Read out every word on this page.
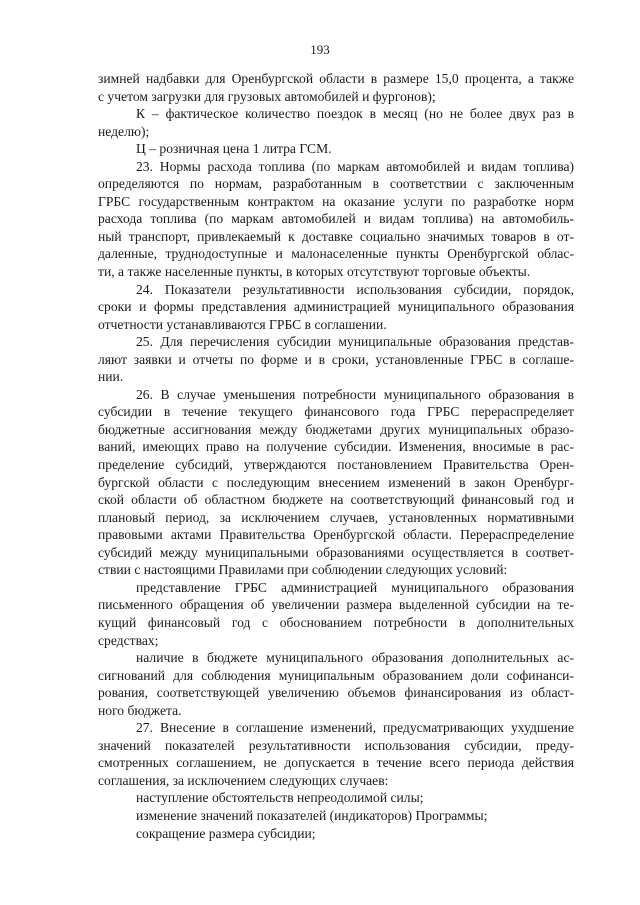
193
зимней надбавки для Оренбургской области в размере 15,0 процента, а также
с учетом загрузки для грузовых автомобилей и фургонов);
К – фактическое количество поездок в месяц (но не более двух раз в
неделю);
Ц – розничная цена 1 литра ГСМ.
23. Нормы расхода топлива (по маркам автомобилей и видам топлива)
определяются по нормам, разработанным в соответствии с заключенным
ГРБС государственным контрактом на оказание услуги по разработке норм
расхода топлива (по маркам автомобилей и видам топлива) на автомобиль-
ный транспорт, привлекаемый к доставке социально значимых товаров в от-
даленные, труднодоступные и малонаселенные пункты Оренбургской облас-
ти, а также населенные пункты, в которых отсутствуют торговые объекты.
24. Показатели результативности использования субсидии, порядок,
сроки и формы представления администрацией муниципального образования
отчетности устанавливаются ГРБС в соглашении.
25. Для перечисления субсидии муниципальные образования представ-
ляют заявки и отчеты по форме и в сроки, установленные ГРБС в соглаше-
нии.
26. В случае уменьшения потребности муниципального образования в
субсидии в течение текущего финансового года ГРБС перераспределяет
бюджетные ассигнования между бюджетами других муниципальных образо-
ваний, имеющих право на получение субсидии. Изменения, вносимые в рас-
пределение субсидий, утверждаются постановлением Правительства Орен-
бургской области с последующим внесением изменений в закон Оренбург-
ской области об областном бюджете на соответствующий финансовый год и
плановый период, за исключением случаев, установленных нормативными
правовыми актами Правительства Оренбургской области. Перераспределение
субсидий между муниципальными образованиями осуществляется в соответ-
ствии с настоящими Правилами при соблюдении следующих условий:
представление ГРБС администрацией муниципального образования
письменного обращения об увеличении размера выделенной субсидии на те-
кущий финансовый год с обоснованием потребности в дополнительных
средствах;
наличие в бюджете муниципального образования дополнительных ас-
сигнований для соблюдения муниципальным образованием доли софинанси-
рования, соответствующей увеличению объемов финансирования из област-
ного бюджета.
27. Внесение в соглашение изменений, предусматривающих ухудшение
значений показателей результативности использования субсидии, преду-
смотренных соглашением, не допускается в течение всего периода действия
соглашения, за исключением следующих случаев:
наступление обстоятельств непреодолимой силы;
изменение значений показателей (индикаторов) Программы;
сокращение размера субсидии;
